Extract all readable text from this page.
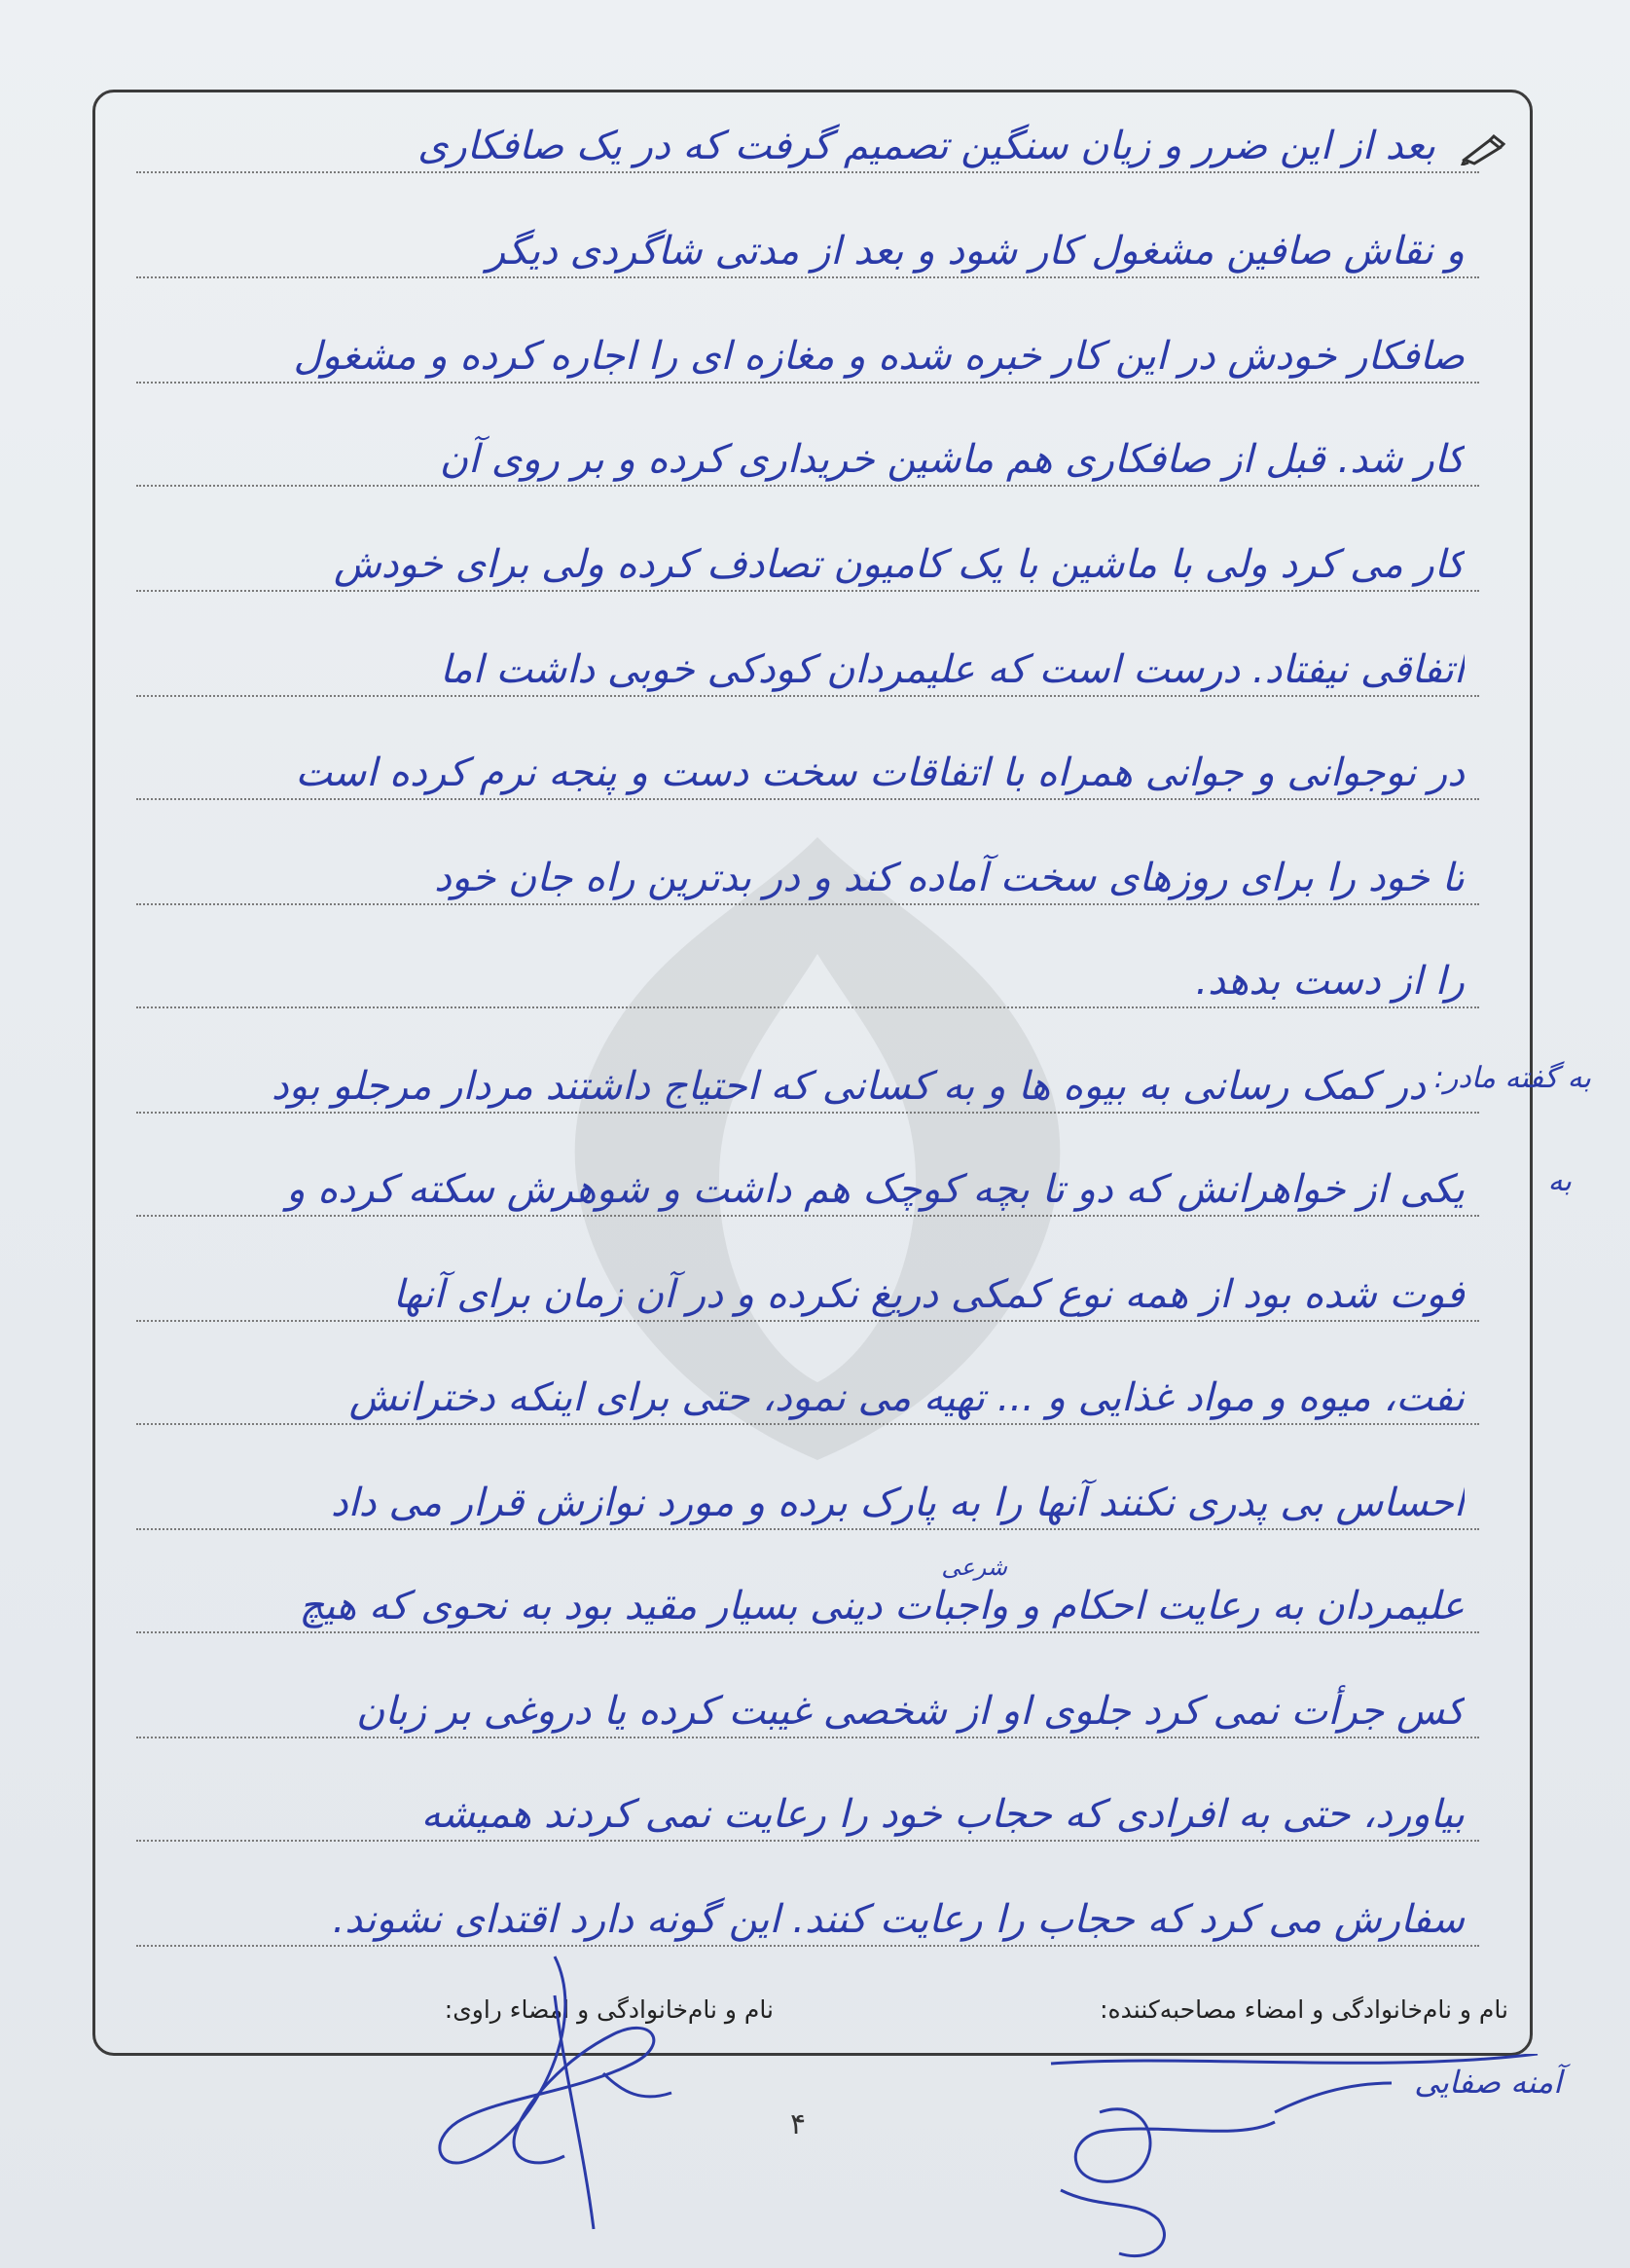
بعد از این ضرر و زیان سنگین تصمیم گرفت که در یک صافکاری
و نقاش صافین مشغول کار شود و بعد از مدتی شاگردی دیگر
صافکار خودش در این کار خبره شده و مغازه ای را اجاره کرده و مشغول
کار شد. قبل از صافکاری هم ماشین خریداری کرده و بر روی آن
کار می کرد ولی با ماشین با یک کامیون تصادف کرده ولی برای خودش
اتفاقی نیفتاد. درست است که علیمردان کودکی خوبی داشت اما
در نوجوانی و جوانی همراه با اتفاقات سخت دست و پنجه نرم کرده است
تا خود را برای روزهای سخت آماده کند و در بدترین راه جان خود
را از دست بدهد.
در کمک رسانی به بیوه ها و به کسانی که احتیاج داشتند مردار مرجلو بود
یکی از خواهرانش که دو تا بچه کوچک هم داشت و شوهرش سکته کرده و
فوت شده بود از همه نوع کمکی دریغ نکرده و در آن زمان برای آنها
نفت، میوه و مواد غذایی و ... تهیه می نمود، حتی برای اینکه دخترانش
احساس بی پدری نکنند آنها را به پارک برده و مورد نوازش قرار می داد
علیمردان به رعایت احکام و واجبات دینی بسیار مقید بود به نحوی که هیچ
کس جرأت نمی کرد جلوی او از شخصی غیبت کرده یا دروغی بر زبان
بیاورد، حتی به افرادی که حجاب خود را رعایت نمی کردند همیشه
سفارش می کرد که حجاب را رعایت کنند. این گونه دارد اقتدای نشوند.
به گفته مادر:
به
شرعی
نام و نام‌خانوادگی و امضاء مصاحبه‌کننده:
نام و نام‌خانوادگی و امضاء راوی:
آمنه صفایی
۴
